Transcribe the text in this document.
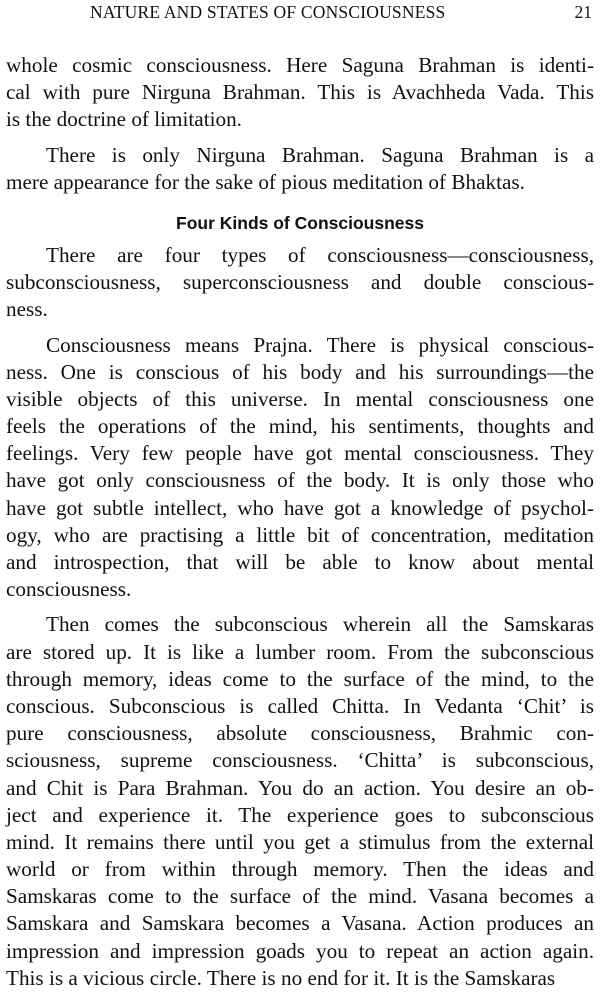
NATURE AND STATES OF CONSCIOUSNESS	21
whole cosmic consciousness. Here Saguna Brahman is identi-
cal with pure Nirguna Brahman. This is Avachheda Vada. This
is the doctrine of limitation.
There is only Nirguna Brahman. Saguna Brahman is a
mere appearance for the sake of pious meditation of Bhaktas.
Four Kinds of Consciousness
There are four types of consciousness—consciousness,
subconsciousness, superconsciousness and double conscious-
ness.
Consciousness means Prajna. There is physical conscious-
ness. One is conscious of his body and his surroundings—the
visible objects of this universe. In mental consciousness one
feels the operations of the mind, his sentiments, thoughts and
feelings. Very few people have got mental consciousness. They
have got only consciousness of the body. It is only those who
have got subtle intellect, who have got a knowledge of psychol-
ogy, who are practising a little bit of concentration, meditation
and introspection, that will be able to know about mental
consciousness.
Then comes the subconscious wherein all the Samskaras
are stored up. It is like a lumber room. From the subconscious
through memory, ideas come to the surface of the mind, to the
conscious. Subconscious is called Chitta. In Vedanta ‘Chit’ is
pure consciousness, absolute consciousness, Brahmic con-
sciousness, supreme consciousness. ‘Chitta’ is subconscious,
and Chit is Para Brahman. You do an action. You desire an ob-
ject and experience it. The experience goes to subconscious
mind. It remains there until you get a stimulus from the external
world or from within through memory. Then the ideas and
Samskaras come to the surface of the mind. Vasana becomes a
Samskara and Samskara becomes a Vasana. Action produces an
impression and impression goads you to repeat an action again.
This is a vicious circle. There is no end for it. It is the Samskaras
